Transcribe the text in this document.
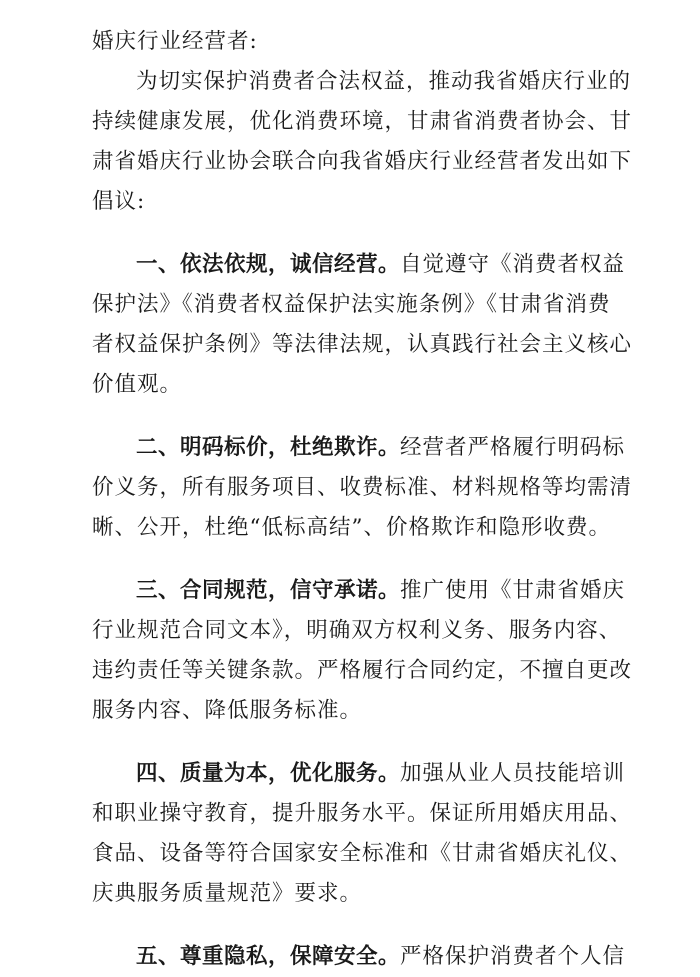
婚庆行业经营者:
为切实保护消费者合法权益，推动我省婚庆行业的
持续健康发展，优化消费环境，甘肃省消费者协会、甘
肃省婚庆行业协会联合向我省婚庆行业经营者发出如下
倡议:
一、依法依规，诚信经营。自觉遵守《消费者权益
保护法》《消费者权益保护法实施条例》《甘肃省消费
者权益保护条例》等法律法规，认真践行社会主义核心
价值观。
二、明码标价，杜绝欺诈。经营者严格履行明码标
价义务，所有服务项目、收费标准、材料规格等均需清
晰、公开，杜绝“低标高结”、价格欺诈和隐形收费。
三、合同规范，信守承诺。推广使用《甘肃省婚庆
行业规范合同文本》，明确双方权利义务、服务内容、
违约责任等关键条款。严格履行合同约定，不擅自更改
服务内容、降低服务标准。
四、质量为本，优化服务。加强从业人员技能培训
和职业操守教育，提升服务水平。保证所用婚庆用品、
食品、设备等符合国家安全标准和《甘肃省婚庆礼仪、
庆典服务质量规范》要求。
五、尊重隐私，保障安全。严格保护消费者个人信
